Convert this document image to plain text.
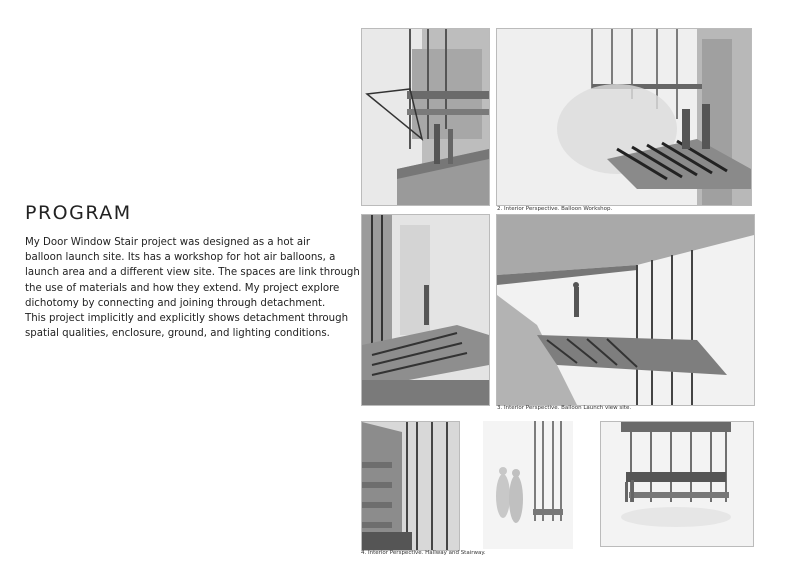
PROGRAM
My Door Window Stair project was designed as a hot air
balloon launch site. Its has a workshop for hot air balloons, a
launch area and a different view site. The spaces are link through
the use of materials and how they extend. My project explore
dichotomy by connecting and joining through detachment.
This project implicitly and explicitly shows detachment through
spatial qualities, enclosure, ground, and lighting conditions.
2. Interior Perspective. Balloon Workshop.
3. Interior Perspective. Balloon Launch view site.
4. Interior Perspective. Hallway and Stairway.
